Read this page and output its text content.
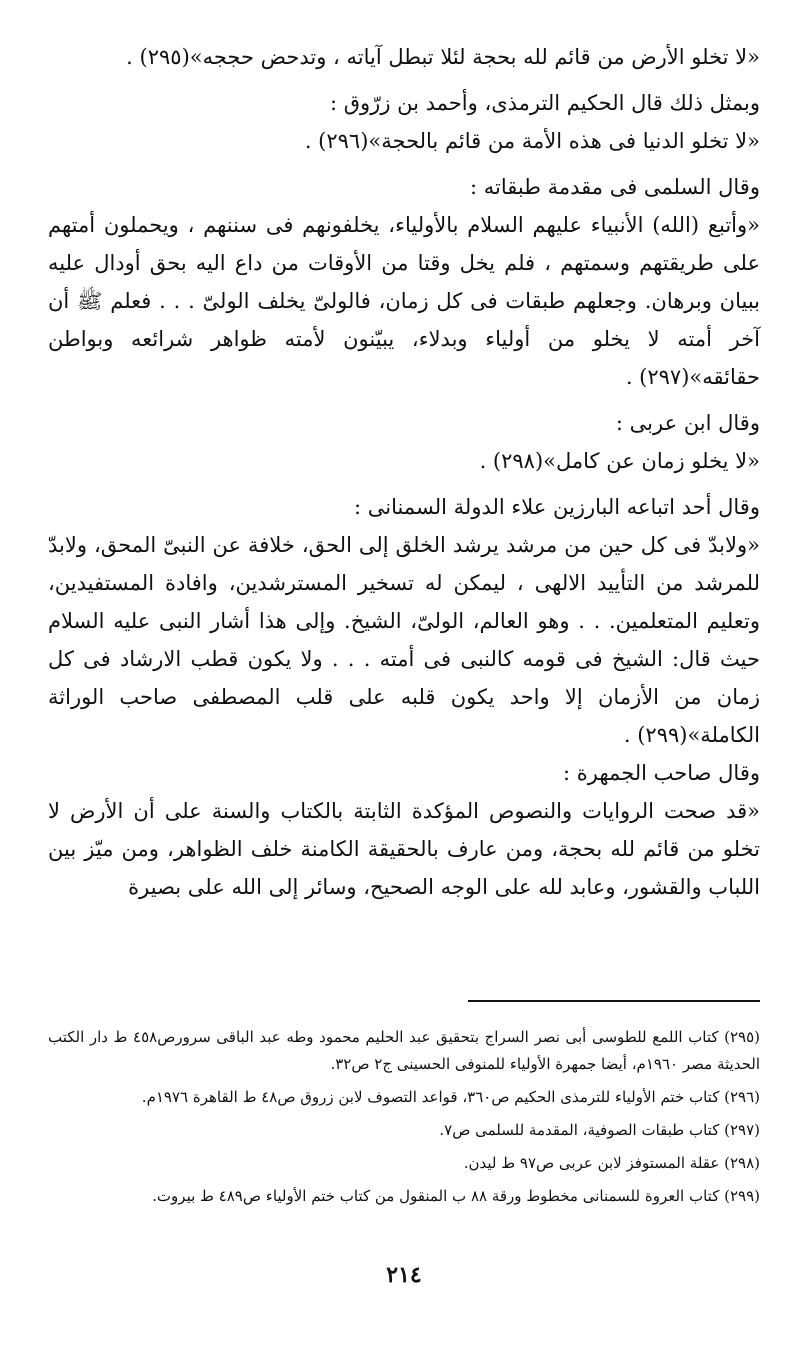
«لا تخلو الأرض من قائم لله بحجة لئلا تبطل آياته ، وتدحض حججه»(٢٩٥) .

وبمثل ذلك قال الحكيم الترمذى، وأحمد بن زرّوق :

«لا تخلو الدنيا فى هذه الأمة من قائم بالحجة»(٢٩٦) .

وقال السلمى فى مقدمة طبقاته :

«وأتبع (الله) الأنبياء عليهم السلام بالأولياء، يخلفونهم فى سننهم ، ويحملون أمتهم على طريقتهم وسمتهم ، فلم يخل وقتا من الأوقات من داع اليه بحق أودال عليه ببيان وبرهان. وجعلهم طبقات فى كل زمان، فالولىّ يخلف الولىّ . . . فعلم ﷺ أن آخر أمته لا يخلو من أولياء وبدلاء، يبيّنون لأمته ظواهر شرائعه وبواطن حقائقه»(٢٩٧) .

وقال ابن عربى :

«لا يخلو زمان عن كامل»(٢٩٨) .

وقال أحد اتباعه البارزين علاء الدولة السمنانى :

«ولابدّ فى كل حين من مرشد يرشد الخلق إلى الحق، خلافة عن النبىّ المحق، ولابدّ للمرشد من التأييد الالهى ، ليمكن له تسخير المسترشدين، وافادة المستفيدين، وتعليم المتعلمين. . . وهو العالم، الولىّ، الشيخ. وإلى هذا أشار النبى عليه السلام حيث قال: الشيخ فى قومه كالنبى فى أمته . . . ولا يكون قطب الارشاد فى كل زمان من الأزمان إلا واحد يكون قلبه على قلب المصطفى صاحب الوراثة الكاملة»(٢٩٩) .

وقال صاحب الجمهرة :

«قد صحت الروايات والنصوص المؤكدة الثابتة بالكتاب والسنة على أن الأرض لا تخلو من قائم لله بحجة، ومن عارف بالحقيقة الكامنة خلف الظواهر، ومن ميّز بين اللباب والقشور، وعابد لله على الوجه الصحيح، وسائر إلى الله على بصيرة

(٢٩٥) كتاب اللمع للطوسى أبى نصر السراج بتحقيق عبد الحليم محمود وطه عبد الباقى سرورص٤٥٨ ط دار الكتب الحديثة مصر ١٩٦٠م، أيضا جمهرة الأولياء للمنوفى الحسينى ج٢ ص٣٢.

(٢٩٦) كتاب ختم الأولياء للترمذى الحكيم ص٣٦٠، قواعد التصوف لابن زروق ص٤٨ ط القاهرة ١٩٧٦م.

(٢٩٧) كتاب طبقات الصوفية، المقدمة للسلمى ص٧.

(٢٩٨) عقلة المستوفز لابن عربى ص٩٧ ط ليدن.

(٢٩٩) كتاب العروة للسمنانى مخطوط ورقة ٨٨ ب المنقول من كتاب ختم الأولياء ص٤٨٩ ط بيروت.

٢١٤
